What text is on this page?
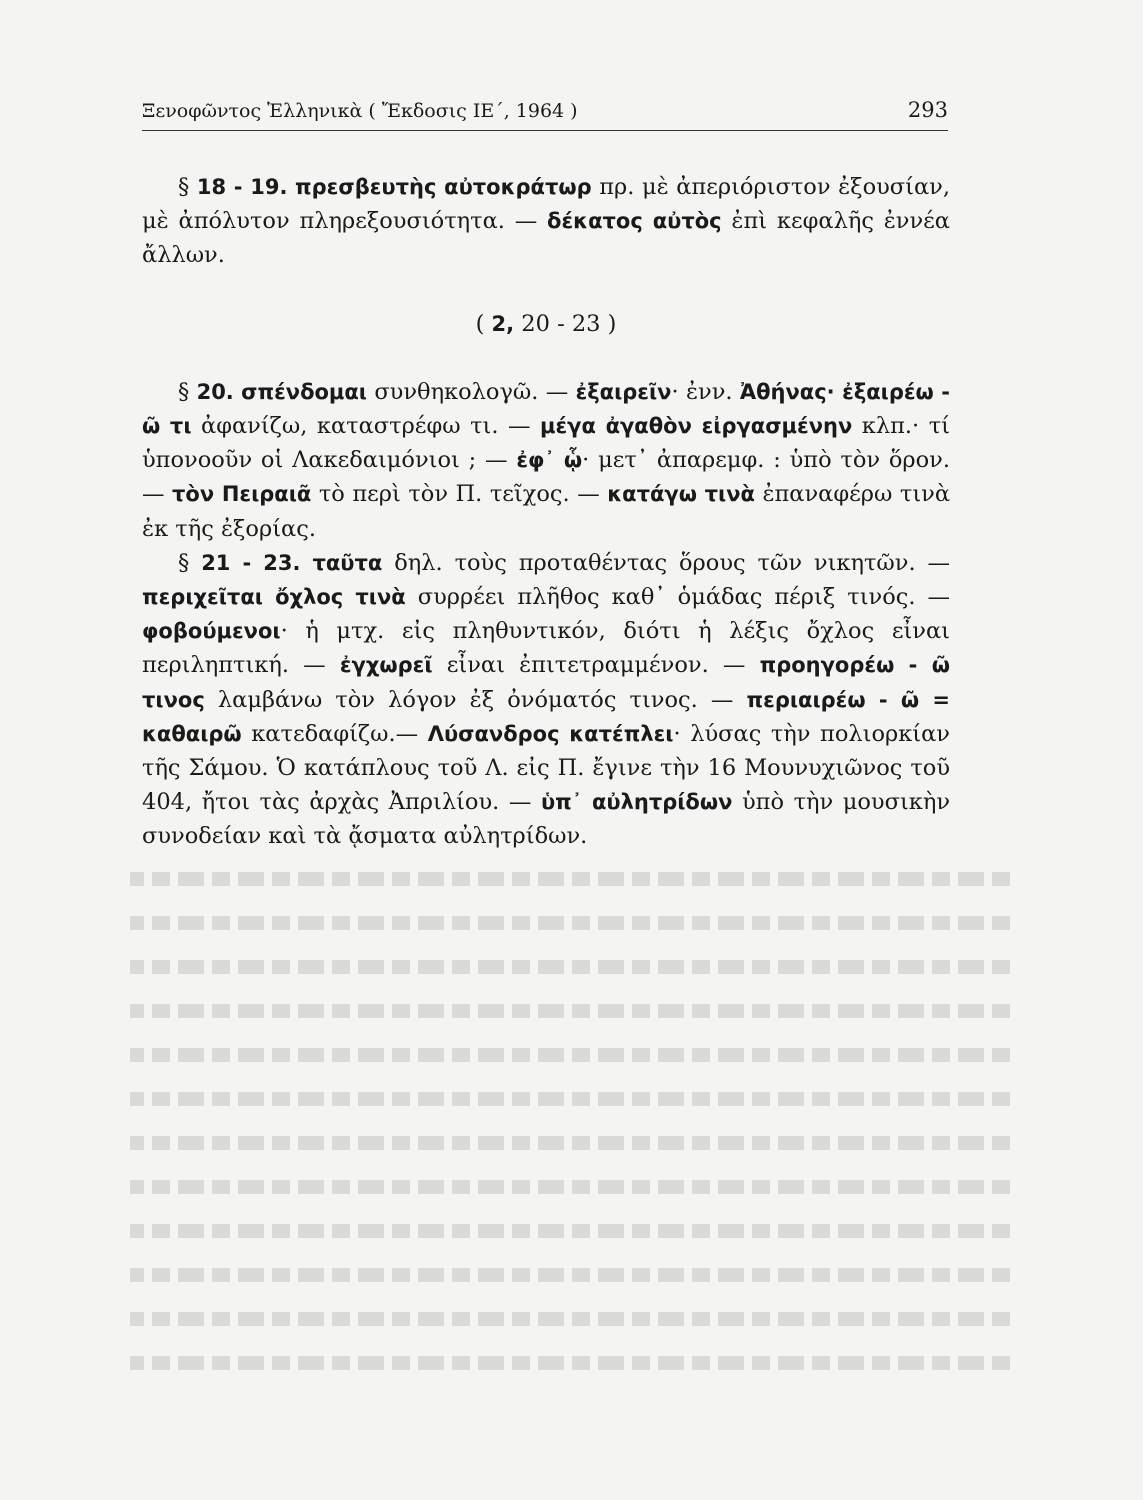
Ξενοφῶντος Ἑλληνικὰ ( Ἔκδοσις ΙΕ΄, 1964 )	293

§ 18 - 19. πρεσβευτὴς αὐτοκράτωρ πρ. μὲ ἀπεριόριστον ἐξουσίαν, μὲ ἀπόλυτον πληρεξουσιότητα. — δέκατος αὐτὸς ἐπὶ κεφαλῆς ἐννέα ἄλλων.

( 2, 20 - 23 )

§ 20. σπένδομαι συνθηκολογῶ. — ἐξαιρεῖν· ἐνν. Ἀθήνας· ἐξαιρέω - ῶ τι ἀφανίζω, καταστρέφω τι. — μέγα ἀγαθὸν εἰργασμένην κλπ.· τί ὑπονοοῦν οἱ Λακεδαιμόνιοι ; — ἐφ᾽ ᾧ· μετ᾽ ἀπαρεμφ. : ὑπὸ τὸν ὅρον. — τὸν Πειραιᾶ τὸ περὶ τὸν Π. τεῖχος. — κατάγω τινὰ ἐπαναφέρω τινὰ ἐκ τῆς ἐξορίας.

§ 21 - 23. ταῦτα δηλ. τοὺς προταθέντας ὅρους τῶν νικητῶν. — περιχεῖται ὄχλος τινὰ συρρέει πλῆθος καθ᾽ ὁμάδας πέριξ τινός. — φοβούμενοι· ἡ μτχ. εἰς πληθυντικόν, διότι ἡ λέξις ὄχλος εἶναι περιληπτική. — ἐγχωρεῖ εἶναι ἐπιτετραμμένον. — προηγορέω - ῶ τινος λαμβάνω τὸν λόγον ἐξ ὀνόματός τινος. — περιαιρέω - ῶ = καθαιρῶ κατεδαφίζω.— Λύσανδρος κατέπλει· λύσας τὴν πολιορκίαν τῆς Σάμου. Ὁ κατάπλους τοῦ Λ. εἰς Π. ἔγινε τὴν 16 Μουνυχιῶνος τοῦ 404, ἤτοι τὰς ἀρχὰς Ἀπριλίου. — ὑπ᾽ αὐλητρίδων ὑπὸ τὴν μουσικὴν συνοδείαν καὶ τὰ ᾄσματα αὐλητρίδων.
